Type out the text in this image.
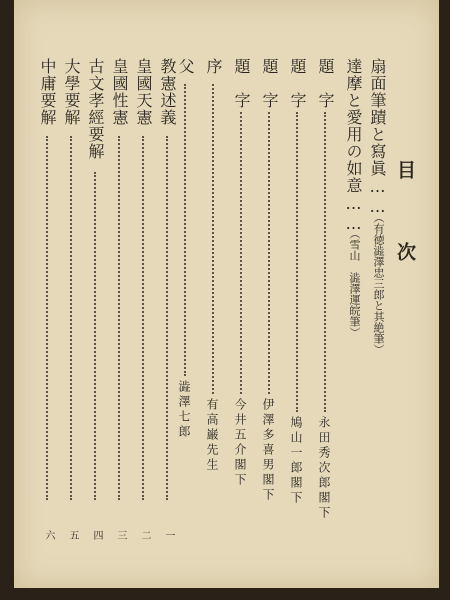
目　次
扇面筆蹟と寫眞……
（有徳澁澤忠三郎と其絶筆）
達摩と愛用の如意……
（雪山　澁澤運皖筆）
題　字
永田秀次郎閣下
題　字
鳩山一郎閣下
題　字
伊澤多喜男閣下
題　字
今井五介閣下
序
有高巌先生
父
澁澤七郎
教憲述義
一
皇國天憲
二
皇國性憲
三
古文孝經要解
四
大學要解
五
中庸要解
六
